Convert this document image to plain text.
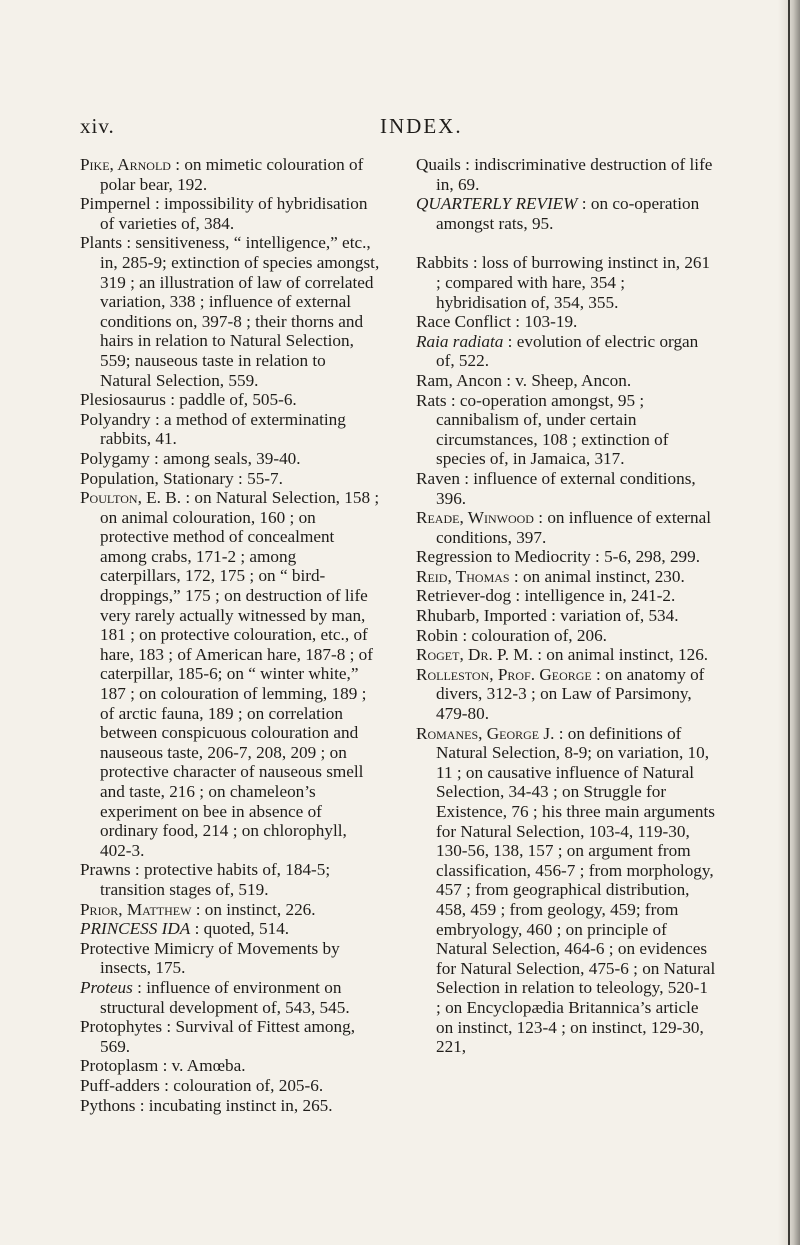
xiv.	INDEX.
Pike, Arnold : on mimetic colouration of polar bear, 192.
Pimpernel : impossibility of hybridisation of varieties of, 384.
Plants : sensitiveness, “ intelligence,” etc., in, 285-9; extinction of species amongst, 319 ; an illustration of law of correlated variation, 338 ; influence of external conditions on, 397-8 ; their thorns and hairs in relation to Natural Selection, 559; nauseous taste in relation to Natural Selection, 559.
Plesiosaurus : paddle of, 505-6.
Polyandry : a method of exterminating rabbits, 41.
Polygamy : among seals, 39-40.
Population, Stationary : 55-7.
Poulton, E. B. : on Natural Selection, 158 ; on animal colouration, 160 ; on protective method of concealment among crabs, 171-2 ; among caterpillars, 172, 175 ; on “ bird-droppings,” 175 ; on destruction of life very rarely actually witnessed by man, 181 ; on protective colouration, etc., of hare, 183 ; of American hare, 187-8 ; of caterpillar, 185-6; on “ winter white,” 187 ; on colouration of lemming, 189 ; of arctic fauna, 189 ; on correlation between conspicuous colouration and nauseous taste, 206-7, 208, 209 ; on protective character of nauseous smell and taste, 216 ; on chameleon’s experiment on bee in absence of ordinary food, 214 ; on chlorophyll, 402-3.
Prawns : protective habits of, 184-5; transition stages of, 519.
Prior, Matthew : on instinct, 226.
PRINCESS IDA : quoted, 514.
Protective Mimicry of Movements by insects, 175.
Proteus : influence of environment on structural development of, 543, 545.
Protophytes : Survival of Fittest among, 569.
Protoplasm : v. Amœba.
Puff-adders : colouration of, 205-6.
Pythons : incubating instinct in, 265.
Quails : indiscriminative destruction of life in, 69.
QUARTERLY REVIEW : on co-operation amongst rats, 95.
Rabbits : loss of burrowing instinct in, 261 ; compared with hare, 354 ; hybridisation of, 354, 355.
Race Conflict : 103-19.
Raia radiata : evolution of electric organ of, 522.
Ram, Ancon : v. Sheep, Ancon.
Rats : co-operation amongst, 95 ; cannibalism of, under certain circumstances, 108 ; extinction of species of, in Jamaica, 317.
Raven : influence of external conditions, 396.
Reade, Winwood : on influence of external conditions, 397.
Regression to Mediocrity : 5-6, 298, 299.
Reid, Thomas : on animal instinct, 230.
Retriever-dog : intelligence in, 241-2.
Rhubarb, Imported : variation of, 534.
Robin : colouration of, 206.
Roget, Dr. P. M. : on animal instinct, 126.
Rolleston, Prof. George : on anatomy of divers, 312-3 ; on Law of Parsimony, 479-80.
Romanes, George J. : on definitions of Natural Selection, 8-9; on variation, 10, 11 ; on causative influence of Natural Selection, 34-43 ; on Struggle for Existence, 76 ; his three main arguments for Natural Selection, 103-4, 119-30, 130-56, 138, 157 ; on argument from classification, 456-7 ; from morphology, 457 ; from geographical distribution, 458, 459 ; from geology, 459; from embryology, 460 ; on principle of Natural Selection, 464-6 ; on evidences for Natural Selection, 475-6 ; on Natural Selection in relation to teleology, 520-1 ; on Encyclopædia Britannica’s article on instinct, 123-4 ; on instinct, 129-30, 221,
